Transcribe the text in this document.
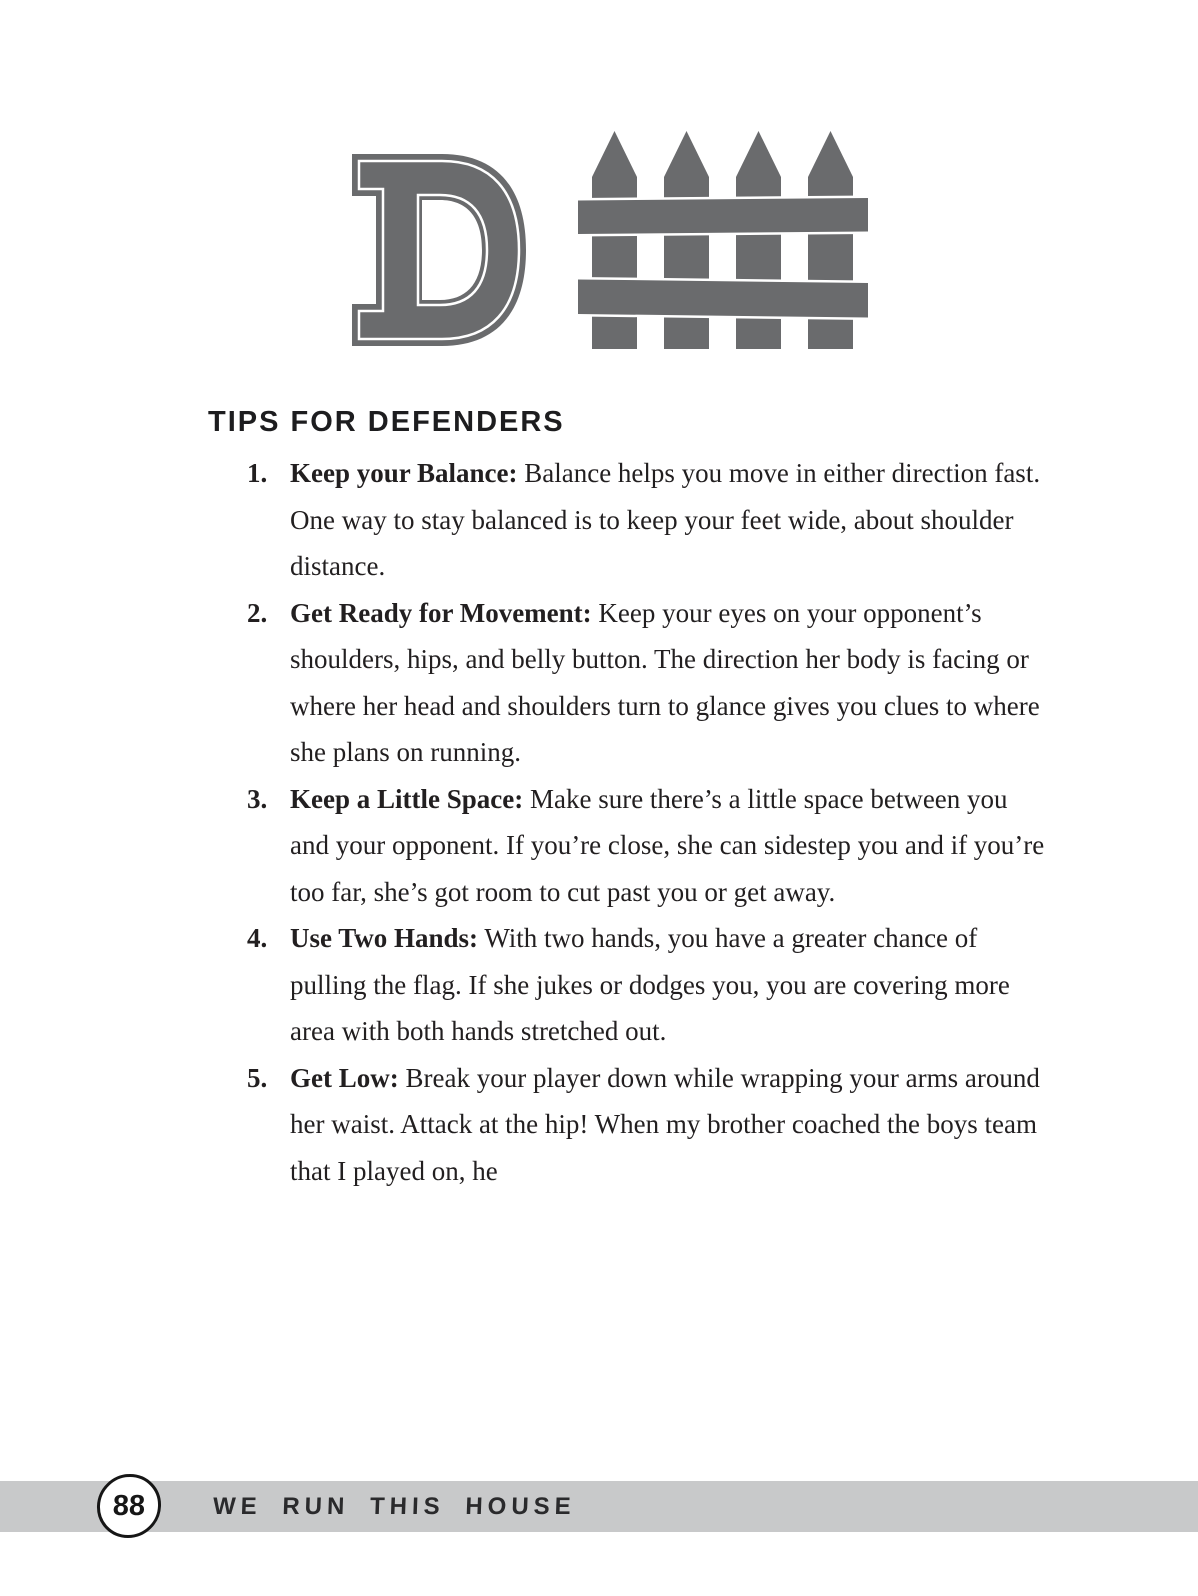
TIPS FOR DEFENDERS
1. Keep your Balance: Balance helps you move in either direction fast. One way to stay balanced is to keep your feet wide, about shoulder distance.

2. Get Ready for Movement: Keep your eyes on your opponent’s shoulders, hips, and belly button. The direction her body is facing or where her head and shoulders turn to glance gives you clues to where she plans on running.

3. Keep a Little Space: Make sure there’s a little space between you and your opponent. If you’re close, she can sidestep you and if you’re too far, she’s got room to cut past you or get away.

4. Use Two Hands: With two hands, you have a greater chance of pulling the flag. If she jukes or dodges you, you are covering more area with both hands stretched out.

5. Get Low: Break your player down while wrapping your arms around her waist. Attack at the hip! When my brother coached the boys team that I played on, he

88	WE RUN THIS HOUSE
